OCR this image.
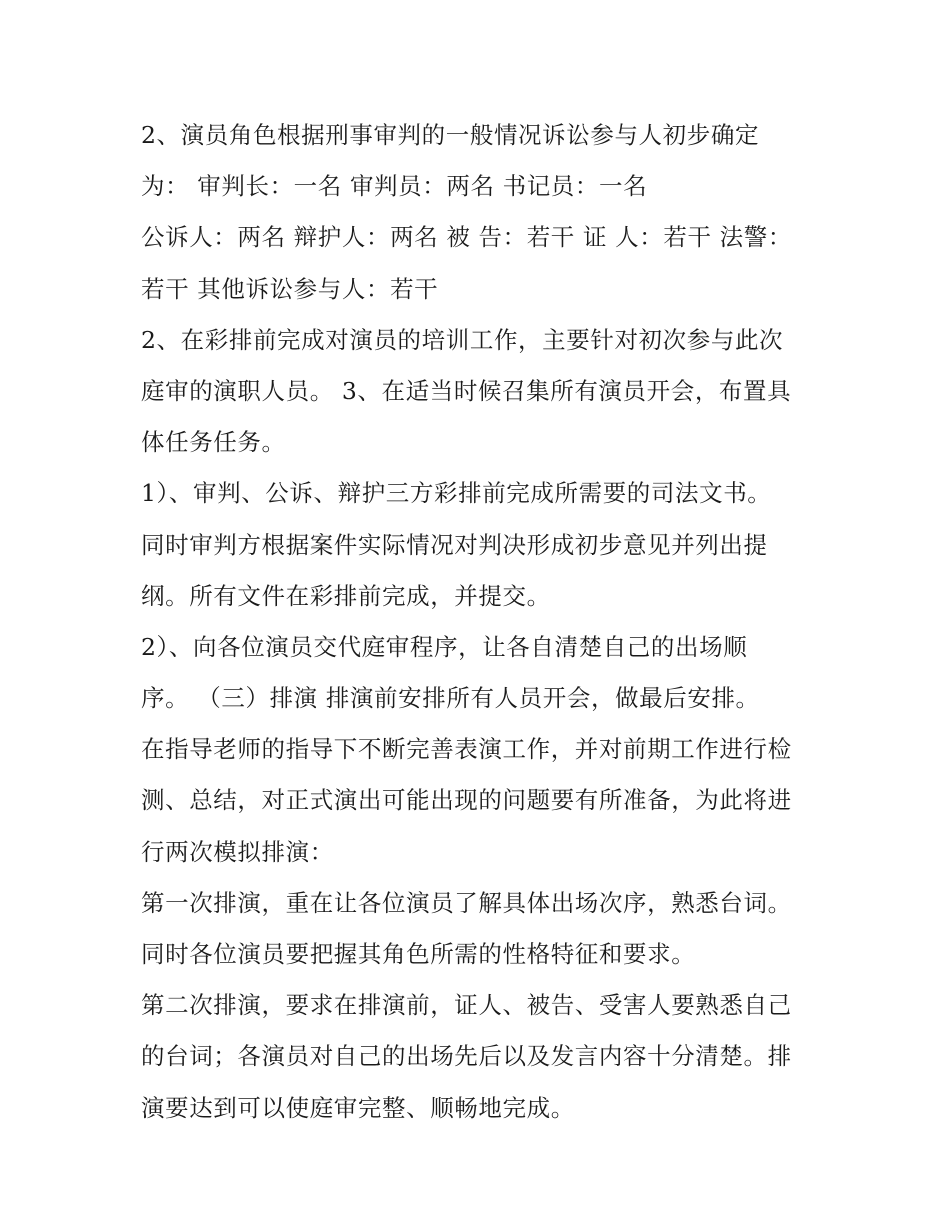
2、演员角色根据刑事审判的一般情况诉讼参与人初步确定
为： 审判长：一名 审判员：两名 书记员：一名
公诉人：两名 辩护人：两名 被 告：若干 证 人：若干 法警：
若干 其他诉讼参与人：若干
2、在彩排前完成对演员的培训工作，主要针对初次参与此次
庭审的演职人员。 3、在适当时候召集所有演员开会，布置具
体任务任务。
1）、审判、公诉、辩护三方彩排前完成所需要的司法文书。
同时审判方根据案件实际情况对判决形成初步意见并列出提
纲。所有文件在彩排前完成，并提交。
2）、向各位演员交代庭审程序，让各自清楚自己的出场顺
序。 （三）排演 排演前安排所有人员开会，做最后安排。
在指导老师的指导下不断完善表演工作，并对前期工作进行检
测、总结，对正式演出可能出现的问题要有所准备，为此将进
行两次模拟排演：
第一次排演，重在让各位演员了解具体出场次序，熟悉台词。
同时各位演员要把握其角色所需的性格特征和要求。
第二次排演，要求在排演前，证人、被告、受害人要熟悉自己
的台词；各演员对自己的出场先后以及发言内容十分清楚。排
演要达到可以使庭审完整、顺畅地完成。
